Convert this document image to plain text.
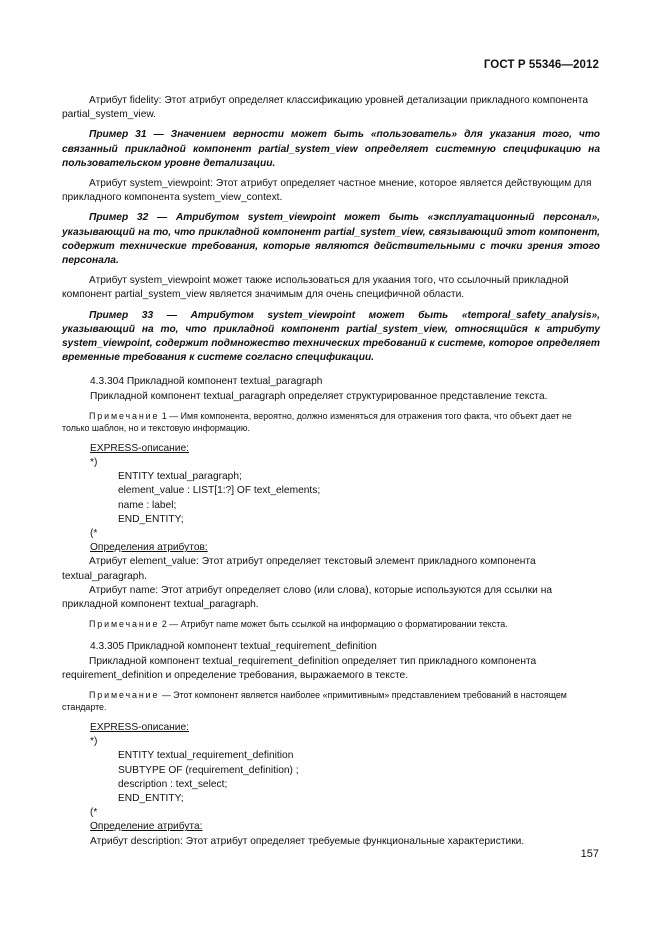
ГОСТ Р 55346—2012

Атрибут fidelity: Этот атрибут определяет классификацию уровней детализации прикладного компонента partial_system_view.

Пример 31 — Значением верности может быть «пользователь» для указания того, что связанный прикладной компонент partial_system_view определяет системную спецификацию на пользовательском уровне детализации.

Атрибут system_viewpoint: Этот атрибут определяет частное мнение, которое является действующим для прикладного компонента system_view_context.

Пример 32 — Атрибутом system_viewpoint может быть «эксплуатационный персонал», указывающий на то, что прикладной компонент partial_system_view, связывающий этот компонент, содержит технические требования, которые являются действительными с точки зрения этого персонала.

Атрибут system_viewpoint может также использоваться для укаания того, что ссылочный прикладной компонент partial_system_view является значимым для очень специфичной области.

Пример 33 — Атрибутом system_viewpoint может быть «temporal_safety_analysis», указывающий на то, что прикладной компонент partial_system_view, относящийся к атрибуту system_viewpoint, содержит подмножество технических требований к системе, которое определяет временные требования к системе согласно спецификации.

4.3.304 Прикладной компонент textual_paragraph

Прикладной компонент textual_paragraph определяет структурированное представление текста.

Примечание 1 — Имя компонента, вероятно, должно изменяться для отражения того факта, что объект дает не только шаблон, но и текстовую информацию.

EXPRESS-описание:

*)

ENTITY textual_paragraph;

element_value : LIST[1:?] OF text_elements;

name : label;

END_ENTITY;

(*

Определения атрибутов:

Атрибут element_value: Этот атрибут определяет текстовый элемент прикладного компонента textual_paragraph.

Атрибут name: Этот атрибут определяет слово (или слова), которые используются для ссылки на прикладной компонент textual_paragraph.

Примечание 2 — Атрибут name может быть ссылкой на информацию о форматировании текста.

4.3.305 Прикладной компонент textual_requirement_definition

Прикладной компонент textual_requirement_definition определяет тип прикладного компонента requirement_definition и определение требования, выражаемого в тексте.

Примечание — Этот компонент является наиболее «примитивным» представлением требований в настоящем стандарте.

EXPRESS-описание:

*)

ENTITY textual_requirement_definition

SUBTYPE OF (requirement_definition) ;

description : text_select;

END_ENTITY;

(*

Определение атрибута:

Атрибут description: Этот атрибут определяет требуемые функциональные характеристики.

157
